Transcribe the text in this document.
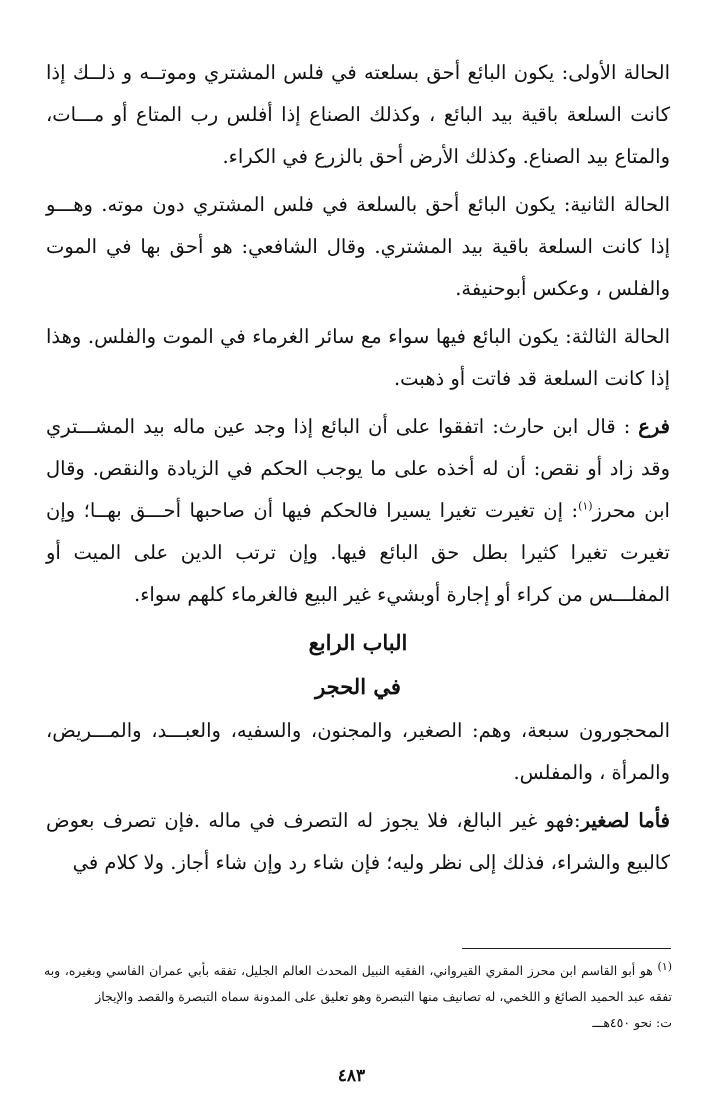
الحالة الأولى: يكون البائع أحق بسلعته في فلس المشتري وموتــه و ذلــك إذا كانت السلعة باقية بيد البائع ، وكذلك الصناع إذا أفلس رب المتاع أو مـــات، والمتاع بيد الصناع. وكذلك الأرض أحق بالزرع في الكراء.

الحالة الثانية: يكون البائع أحق بالسلعة في فلس المشتري دون موته. وهـــو إذا كانت السلعة باقية بيد المشتري. وقال الشافعي: هو أحق بها في الموت والفلس ، وعكس أبوحنيفة.

الحالة الثالثة: يكون البائع فيها سواء مع سائر الغرماء في الموت والفلس. وهذا إذا كانت السلعة قد فاتت أو ذهبت.

فرع : قال ابن حارث: اتفقوا على أن البائع إذا وجد عين ماله بيد المشـــتري وقد زاد أو نقص: أن له أخذه على ما يوجب الحكم في الزيادة والنقص. وقال ابن محرز$^{(١)}$: إن تغيرت تغيرا يسيرا فالحكم فيها أن صاحبها أحـــق بهــا؛ وإن تغيرت تغيرا كثيرا بطل حق البائع فيها. وإن ترتب الدين على الميت أو المفلـــس من كراء أو إجارة أوبشيء غير البيع فالغرماء كلهم سواء.

الباب الرابع
في الحجر

المحجورون سبعة، وهم: الصغير، والمجنون، والسفيه، والعبـــد، والمـــريض، والمرأة ، والمفلس.

فأما لصغير:فهو غير البالغ، فلا يجوز له التصرف في ماله .فإن تصرف بعوض كالبيع والشراء، فذلك إلى نظر وليه؛ فإن شاء رد وإن شاء أجاز. ولا كلام في

(١) هو أبو القاسم ابن محرز المقري القيرواني، الفقيه النبيل المحدث العالم الجليل، تفقه بأبي عمران الفاسي وبغيره، وبه تفقه عبد الحميد الصائغ و اللخمي، له تصانيف منها التبصرة وهو تعليق على المدونة سماه التبصرة والقصد والإيجاز

ت: نحو ٤٥٠هـــ

٤٨٣
